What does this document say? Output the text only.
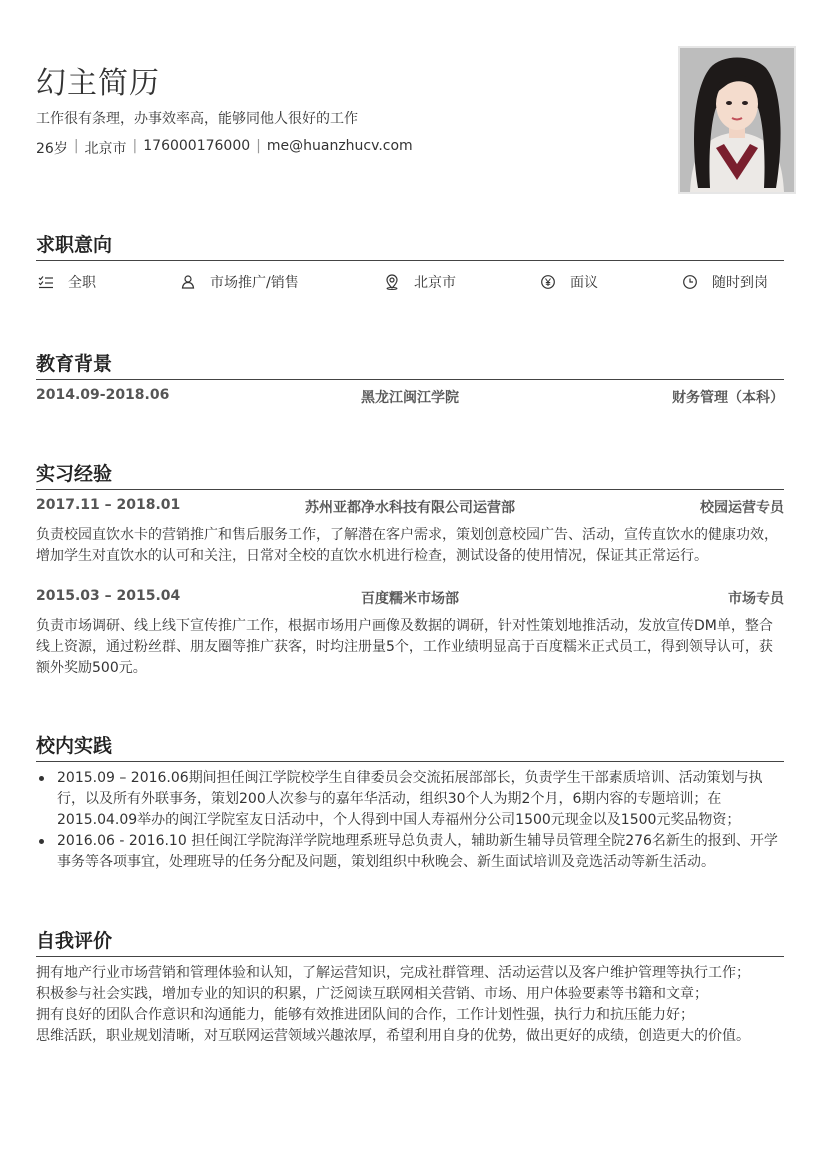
幻主简历
工作很有条理，办事效率高，能够同他人很好的工作
26岁 | 北京市 | 176000176000 | me@huanzhucv.com
求职意向
全职	市场推广/销售	北京市	面议	随时到岗
教育背景
2014.09-2018.06	黑龙江闽江学院	财务管理（本科）
实习经验
2017.11 – 2018.01	苏州亚都净水科技有限公司运营部	校园运营专员
负责校园直饮水卡的营销推广和售后服务工作，了解潜在客户需求，策划创意校园广告、活动，宣传直饮水的健康功效，增加学生对直饮水的认可和关注，日常对全校的直饮水机进行检查，测试设备的使用情况，保证其正常运行。
2015.03 – 2015.04	百度糯米市场部	市场专员
负责市场调研、线上线下宣传推广工作，根据市场用户画像及数据的调研，针对性策划地推活动，发放宣传DM单，整合线上资源，通过粉丝群、朋友圈等推广获客，时均注册量5个，工作业绩明显高于百度糯米正式员工，得到领导认可，获额外奖励500元。
校内实践
2015.09 – 2016.06期间担任闽江学院校学生自律委员会交流拓展部部长，负责学生干部素质培训、活动策划与执行，以及所有外联事务，策划200人次参与的嘉年华活动，组织30个人为期2个月，6期内容的专题培训；在2015.04.09举办的闽江学院室友日活动中，个人得到中国人寿福州分公司1500元现金以及1500元奖品物资；
2016.06 - 2016.10 担任闽江学院海洋学院地理系班导总负责人，辅助新生辅导员管理全院276名新生的报到、开学事务等各项事宜，处理班导的任务分配及问题，策划组织中秋晚会、新生面试培训及竞选活动等新生活动。
自我评价
拥有地产行业市场营销和管理体验和认知，了解运营知识，完成社群管理、活动运营以及客户维护管理等执行工作；
积极参与社会实践，增加专业的知识的积累，广泛阅读互联网相关营销、市场、用户体验要素等书籍和文章；
拥有良好的团队合作意识和沟通能力，能够有效推进团队间的合作，工作计划性强，执行力和抗压能力好；
思维活跃，职业规划清晰，对互联网运营领域兴趣浓厚，希望利用自身的优势，做出更好的成绩，创造更大的价值。
